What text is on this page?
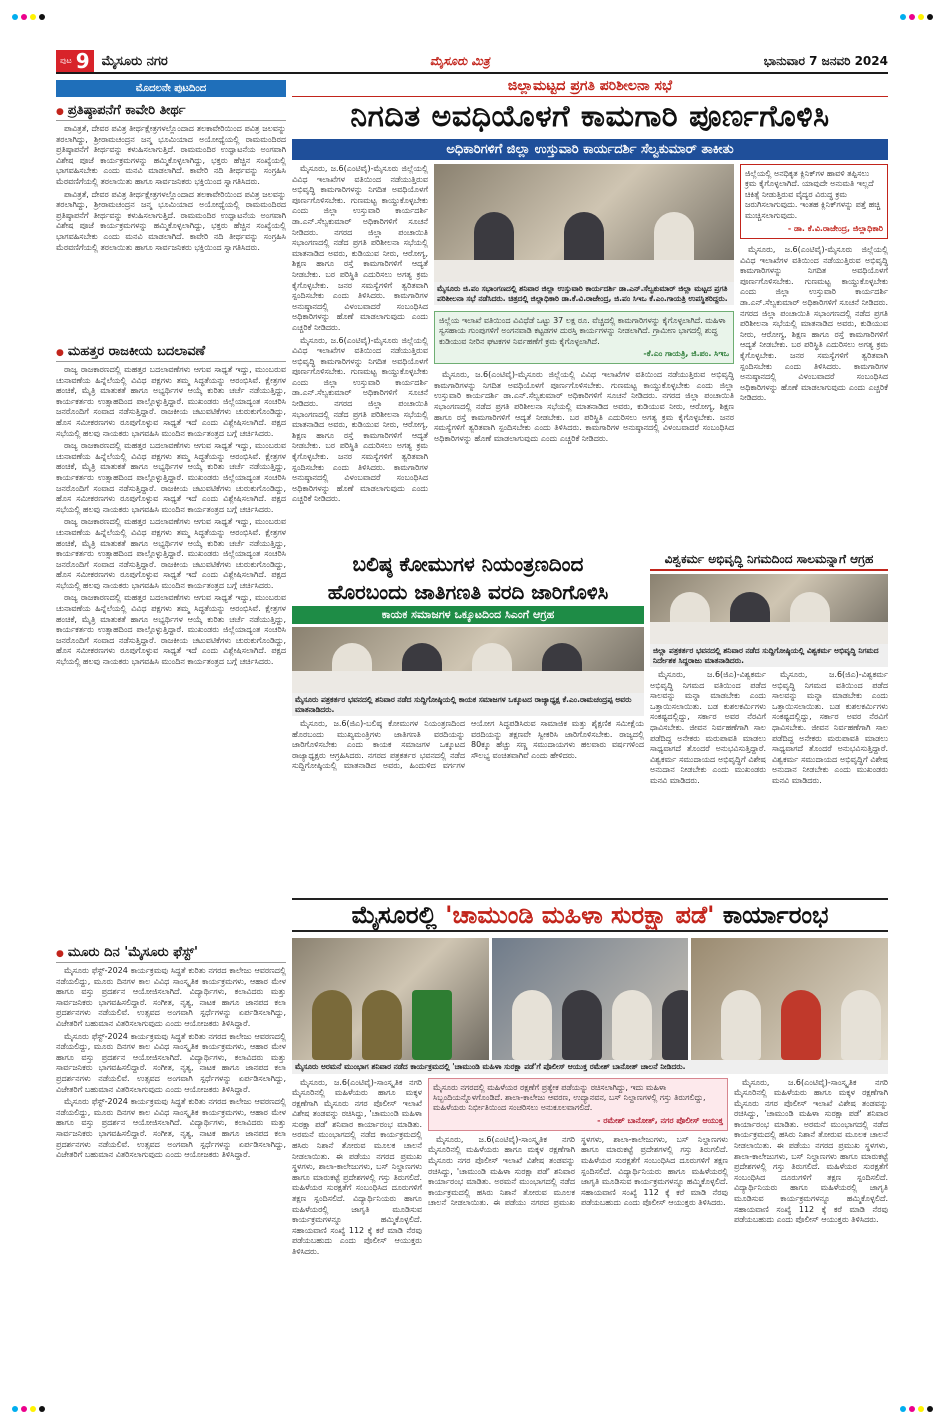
ಪುಟ 9 ಮೈಸೂರು ನಗರ	ಮೈಸೂರು ಮಿತ್ರ	ಭಾನುವಾರ 7 ಜನವರಿ 2024
ಮೊದಲನೇ ಪುಟದಿಂದ
● ಪ್ರತಿಷ್ಠಾಪನೆಗೆ ಕಾವೇರಿ ತೀರ್ಥ

ಪಾವಿತ್ರತೆ, ದೇವರ ಪವಿತ್ರ ತೀರ್ಥಕ್ಷೇತ್ರಗಳಲ್ಲೊಂದಾದ ತಲಕಾವೇರಿಯಿಂದ ಪವಿತ್ರ ಜಲವನ್ನು ತರಲಾಗಿದ್ದು, ಶ್ರೀರಾಮಚಂದ್ರನ ಜನ್ಮ ಭೂಮಿಯಾದ ಅಯೋಧ್ಯೆಯಲ್ಲಿ ರಾಮಮಂದಿರದ ಪ್ರತಿಷ್ಠಾಪನೆಗೆ ತೀರ್ಥವನ್ನು ಕಳುಹಿಸಲಾಗುತ್ತಿದೆ. ರಾಮಮಂದಿರ ಉದ್ಘಾಟನೆಯ ಅಂಗವಾಗಿ ವಿಶೇಷ ಪೂಜೆ ಕಾರ್ಯಕ್ರಮಗಳನ್ನು ಹಮ್ಮಿಕೊಳ್ಳಲಾಗಿದ್ದು, ಭಕ್ತರು ಹೆಚ್ಚಿನ ಸಂಖ್ಯೆಯಲ್ಲಿ ಭಾಗವಹಿಸಬೇಕು ಎಂದು ಮನವಿ ಮಾಡಲಾಗಿದೆ. ಕಾವೇರಿ ನದಿ ತೀರ್ಥವನ್ನು ಸಂಗ್ರಹಿಸಿ ಮೆರವಣಿಗೆಯಲ್ಲಿ ತರಲಾಯಿತು ಹಾಗೂ ಸಾರ್ವಜನಿಕರು ಭಕ್ತಿಯಿಂದ ಸ್ವಾಗತಿಸಿದರು.

ಪಾವಿತ್ರತೆ, ದೇವರ ಪವಿತ್ರ ತೀರ್ಥಕ್ಷೇತ್ರಗಳಲ್ಲೊಂದಾದ ತಲಕಾವೇರಿಯಿಂದ ಪವಿತ್ರ ಜಲವನ್ನು ತರಲಾಗಿದ್ದು, ಶ್ರೀರಾಮಚಂದ್ರನ ಜನ್ಮ ಭೂಮಿಯಾದ ಅಯೋಧ್ಯೆಯಲ್ಲಿ ರಾಮಮಂದಿರದ ಪ್ರತಿಷ್ಠಾಪನೆಗೆ ತೀರ್ಥವನ್ನು ಕಳುಹಿಸಲಾಗುತ್ತಿದೆ. ರಾಮಮಂದಿರ ಉದ್ಘಾಟನೆಯ ಅಂಗವಾಗಿ ವಿಶೇಷ ಪೂಜೆ ಕಾರ್ಯಕ್ರಮಗಳನ್ನು ಹಮ್ಮಿಕೊಳ್ಳಲಾಗಿದ್ದು, ಭಕ್ತರು ಹೆಚ್ಚಿನ ಸಂಖ್ಯೆಯಲ್ಲಿ ಭಾಗವಹಿಸಬೇಕು ಎಂದು ಮನವಿ ಮಾಡಲಾಗಿದೆ. ಕಾವೇರಿ ನದಿ ತೀರ್ಥವನ್ನು ಸಂಗ್ರಹಿಸಿ ಮೆರವಣಿಗೆಯಲ್ಲಿ ತರಲಾಯಿತು ಹಾಗೂ ಸಾರ್ವಜನಿಕರು ಭಕ್ತಿಯಿಂದ ಸ್ವಾಗತಿಸಿದರು.

● ಮಹತ್ತರ ರಾಜಕೀಯ ಬದಲಾವಣೆ

ರಾಜ್ಯ ರಾಜಕಾರಣದಲ್ಲಿ ಮಹತ್ತರ ಬದಲಾವಣೆಗಳು ಆಗುವ ಸಾಧ್ಯತೆ ಇದ್ದು, ಮುಂಬರುವ ಚುನಾವಣೆಯ ಹಿನ್ನೆಲೆಯಲ್ಲಿ ವಿವಿಧ ಪಕ್ಷಗಳು ತಮ್ಮ ಸಿದ್ಧತೆಯನ್ನು ಆರಂಭಿಸಿವೆ. ಕ್ಷೇತ್ರಗಳ ಹಂಚಿಕೆ, ಮೈತ್ರಿ ಮಾತುಕತೆ ಹಾಗೂ ಅಭ್ಯರ್ಥಿಗಳ ಆಯ್ಕೆ ಕುರಿತು ಚರ್ಚೆ ನಡೆಯುತ್ತಿದ್ದು, ಕಾರ್ಯಕರ್ತರು ಉತ್ಸಾಹದಿಂದ ಪಾಲ್ಗೊಳ್ಳುತ್ತಿದ್ದಾರೆ. ಮುಖಂಡರು ಜಿಲ್ಲೆಯಾದ್ಯಂತ ಸಂಚರಿಸಿ ಜನರೊಂದಿಗೆ ಸಂವಾದ ನಡೆಸುತ್ತಿದ್ದಾರೆ. ರಾಜಕೀಯ ಚಟುವಟಿಕೆಗಳು ಚುರುಕುಗೊಂಡಿದ್ದು, ಹೊಸ ಸಮೀಕರಣಗಳು ರೂಪುಗೊಳ್ಳುವ ಸಾಧ್ಯತೆ ಇದೆ ಎಂದು ವಿಶ್ಲೇಷಿಸಲಾಗಿದೆ. ಪಕ್ಷದ ಸಭೆಯಲ್ಲಿ ಹಲವು ನಾಯಕರು ಭಾಗವಹಿಸಿ ಮುಂದಿನ ಕಾರ್ಯತಂತ್ರದ ಬಗ್ಗೆ ಚರ್ಚಿಸಿದರು.

ರಾಜ್ಯ ರಾಜಕಾರಣದಲ್ಲಿ ಮಹತ್ತರ ಬದಲಾವಣೆಗಳು ಆಗುವ ಸಾಧ್ಯತೆ ಇದ್ದು, ಮುಂಬರುವ ಚುನಾವಣೆಯ ಹಿನ್ನೆಲೆಯಲ್ಲಿ ವಿವಿಧ ಪಕ್ಷಗಳು ತಮ್ಮ ಸಿದ್ಧತೆಯನ್ನು ಆರಂಭಿಸಿವೆ. ಕ್ಷೇತ್ರಗಳ ಹಂಚಿಕೆ, ಮೈತ್ರಿ ಮಾತುಕತೆ ಹಾಗೂ ಅಭ್ಯರ್ಥಿಗಳ ಆಯ್ಕೆ ಕುರಿತು ಚರ್ಚೆ ನಡೆಯುತ್ತಿದ್ದು, ಕಾರ್ಯಕರ್ತರು ಉತ್ಸಾಹದಿಂದ ಪಾಲ್ಗೊಳ್ಳುತ್ತಿದ್ದಾರೆ. ಮುಖಂಡರು ಜಿಲ್ಲೆಯಾದ್ಯಂತ ಸಂಚರಿಸಿ ಜನರೊಂದಿಗೆ ಸಂವಾದ ನಡೆಸುತ್ತಿದ್ದಾರೆ. ರಾಜಕೀಯ ಚಟುವಟಿಕೆಗಳು ಚುರುಕುಗೊಂಡಿದ್ದು, ಹೊಸ ಸಮೀಕರಣಗಳು ರೂಪುಗೊಳ್ಳುವ ಸಾಧ್ಯತೆ ಇದೆ ಎಂದು ವಿಶ್ಲೇಷಿಸಲಾಗಿದೆ. ಪಕ್ಷದ ಸಭೆಯಲ್ಲಿ ಹಲವು ನಾಯಕರು ಭಾಗವಹಿಸಿ ಮುಂದಿನ ಕಾರ್ಯತಂತ್ರದ ಬಗ್ಗೆ ಚರ್ಚಿಸಿದರು.

ರಾಜ್ಯ ರಾಜಕಾರಣದಲ್ಲಿ ಮಹತ್ತರ ಬದಲಾವಣೆಗಳು ಆಗುವ ಸಾಧ್ಯತೆ ಇದ್ದು, ಮುಂಬರುವ ಚುನಾವಣೆಯ ಹಿನ್ನೆಲೆಯಲ್ಲಿ ವಿವಿಧ ಪಕ್ಷಗಳು ತಮ್ಮ ಸಿದ್ಧತೆಯನ್ನು ಆರಂಭಿಸಿವೆ. ಕ್ಷೇತ್ರಗಳ ಹಂಚಿಕೆ, ಮೈತ್ರಿ ಮಾತುಕತೆ ಹಾಗೂ ಅಭ್ಯರ್ಥಿಗಳ ಆಯ್ಕೆ ಕುರಿತು ಚರ್ಚೆ ನಡೆಯುತ್ತಿದ್ದು, ಕಾರ್ಯಕರ್ತರು ಉತ್ಸಾಹದಿಂದ ಪಾಲ್ಗೊಳ್ಳುತ್ತಿದ್ದಾರೆ. ಮುಖಂಡರು ಜಿಲ್ಲೆಯಾದ್ಯಂತ ಸಂಚರಿಸಿ ಜನರೊಂದಿಗೆ ಸಂವಾದ ನಡೆಸುತ್ತಿದ್ದಾರೆ. ರಾಜಕೀಯ ಚಟುವಟಿಕೆಗಳು ಚುರುಕುಗೊಂಡಿದ್ದು, ಹೊಸ ಸಮೀಕರಣಗಳು ರೂಪುಗೊಳ್ಳುವ ಸಾಧ್ಯತೆ ಇದೆ ಎಂದು ವಿಶ್ಲೇಷಿಸಲಾಗಿದೆ. ಪಕ್ಷದ ಸಭೆಯಲ್ಲಿ ಹಲವು ನಾಯಕರು ಭಾಗವಹಿಸಿ ಮುಂದಿನ ಕಾರ್ಯತಂತ್ರದ ಬಗ್ಗೆ ಚರ್ಚಿಸಿದರು.

ರಾಜ್ಯ ರಾಜಕಾರಣದಲ್ಲಿ ಮಹತ್ತರ ಬದಲಾವಣೆಗಳು ಆಗುವ ಸಾಧ್ಯತೆ ಇದ್ದು, ಮುಂಬರುವ ಚುನಾವಣೆಯ ಹಿನ್ನೆಲೆಯಲ್ಲಿ ವಿವಿಧ ಪಕ್ಷಗಳು ತಮ್ಮ ಸಿದ್ಧತೆಯನ್ನು ಆರಂಭಿಸಿವೆ. ಕ್ಷೇತ್ರಗಳ ಹಂಚಿಕೆ, ಮೈತ್ರಿ ಮಾತುಕತೆ ಹಾಗೂ ಅಭ್ಯರ್ಥಿಗಳ ಆಯ್ಕೆ ಕುರಿತು ಚರ್ಚೆ ನಡೆಯುತ್ತಿದ್ದು, ಕಾರ್ಯಕರ್ತರು ಉತ್ಸಾಹದಿಂದ ಪಾಲ್ಗೊಳ್ಳುತ್ತಿದ್ದಾರೆ. ಮುಖಂಡರು ಜಿಲ್ಲೆಯಾದ್ಯಂತ ಸಂಚರಿಸಿ ಜನರೊಂದಿಗೆ ಸಂವಾದ ನಡೆಸುತ್ತಿದ್ದಾರೆ. ರಾಜಕೀಯ ಚಟುವಟಿಕೆಗಳು ಚುರುಕುಗೊಂಡಿದ್ದು, ಹೊಸ ಸಮೀಕರಣಗಳು ರೂಪುಗೊಳ್ಳುವ ಸಾಧ್ಯತೆ ಇದೆ ಎಂದು ವಿಶ್ಲೇಷಿಸಲಾಗಿದೆ. ಪಕ್ಷದ ಸಭೆಯಲ್ಲಿ ಹಲವು ನಾಯಕರು ಭಾಗವಹಿಸಿ ಮುಂದಿನ ಕಾರ್ಯತಂತ್ರದ ಬಗ್ಗೆ ಚರ್ಚಿಸಿದರು.

● ಮೂರು ದಿನ 'ಮೈಸೂರು ಫೆಸ್ಟ್'

ಮೈಸೂರು ಫೆಸ್ಟ್-2024 ಕಾರ್ಯಕ್ರಮವು ಸಿದ್ಧತೆ ಕುರಿತು ನಗರದ ಕಾಲೇಜು ಆವರಣದಲ್ಲಿ ನಡೆಯಲಿದ್ದು, ಮೂರು ದಿನಗಳ ಕಾಲ ವಿವಿಧ ಸಾಂಸ್ಕೃತಿಕ ಕಾರ್ಯಕ್ರಮಗಳು, ಆಹಾರ ಮೇಳ ಹಾಗೂ ವಸ್ತು ಪ್ರದರ್ಶನ ಆಯೋಜಿಸಲಾಗಿದೆ. ವಿದ್ಯಾರ್ಥಿಗಳು, ಕಲಾವಿದರು ಮತ್ತು ಸಾರ್ವಜನಿಕರು ಭಾಗವಹಿಸಲಿದ್ದಾರೆ. ಸಂಗೀತ, ನೃತ್ಯ, ನಾಟಕ ಹಾಗೂ ಜಾನಪದ ಕಲಾ ಪ್ರದರ್ಶನಗಳು ನಡೆಯಲಿವೆ. ಉತ್ಸವದ ಅಂಗವಾಗಿ ಸ್ಪರ್ಧೆಗಳನ್ನು ಏರ್ಪಡಿಸಲಾಗಿದ್ದು, ವಿಜೇತರಿಗೆ ಬಹುಮಾನ ವಿತರಿಸಲಾಗುವುದು ಎಂದು ಆಯೋಜಕರು ತಿಳಿಸಿದ್ದಾರೆ.

ಮೈಸೂರು ಫೆಸ್ಟ್-2024 ಕಾರ್ಯಕ್ರಮವು ಸಿದ್ಧತೆ ಕುರಿತು ನಗರದ ಕಾಲೇಜು ಆವರಣದಲ್ಲಿ ನಡೆಯಲಿದ್ದು, ಮೂರು ದಿನಗಳ ಕಾಲ ವಿವಿಧ ಸಾಂಸ್ಕೃತಿಕ ಕಾರ್ಯಕ್ರಮಗಳು, ಆಹಾರ ಮೇಳ ಹಾಗೂ ವಸ್ತು ಪ್ರದರ್ಶನ ಆಯೋಜಿಸಲಾಗಿದೆ. ವಿದ್ಯಾರ್ಥಿಗಳು, ಕಲಾವಿದರು ಮತ್ತು ಸಾರ್ವಜನಿಕರು ಭಾಗವಹಿಸಲಿದ್ದಾರೆ. ಸಂಗೀತ, ನೃತ್ಯ, ನಾಟಕ ಹಾಗೂ ಜಾನಪದ ಕಲಾ ಪ್ರದರ್ಶನಗಳು ನಡೆಯಲಿವೆ. ಉತ್ಸವದ ಅಂಗವಾಗಿ ಸ್ಪರ್ಧೆಗಳನ್ನು ಏರ್ಪಡಿಸಲಾಗಿದ್ದು, ವಿಜೇತರಿಗೆ ಬಹುಮಾನ ವಿತರಿಸಲಾಗುವುದು ಎಂದು ಆಯೋಜಕರು ತಿಳಿಸಿದ್ದಾರೆ.

ಮೈಸೂರು ಫೆಸ್ಟ್-2024 ಕಾರ್ಯಕ್ರಮವು ಸಿದ್ಧತೆ ಕುರಿತು ನಗರದ ಕಾಲೇಜು ಆವರಣದಲ್ಲಿ ನಡೆಯಲಿದ್ದು, ಮೂರು ದಿನಗಳ ಕಾಲ ವಿವಿಧ ಸಾಂಸ್ಕೃತಿಕ ಕಾರ್ಯಕ್ರಮಗಳು, ಆಹಾರ ಮೇಳ ಹಾಗೂ ವಸ್ತು ಪ್ರದರ್ಶನ ಆಯೋಜಿಸಲಾಗಿದೆ. ವಿದ್ಯಾರ್ಥಿಗಳು, ಕಲಾವಿದರು ಮತ್ತು ಸಾರ್ವಜನಿಕರು ಭಾಗವಹಿಸಲಿದ್ದಾರೆ. ಸಂಗೀತ, ನೃತ್ಯ, ನಾಟಕ ಹಾಗೂ ಜಾನಪದ ಕಲಾ ಪ್ರದರ್ಶನಗಳು ನಡೆಯಲಿವೆ. ಉತ್ಸವದ ಅಂಗವಾಗಿ ಸ್ಪರ್ಧೆಗಳನ್ನು ಏರ್ಪಡಿಸಲಾಗಿದ್ದು, ವಿಜೇತರಿಗೆ ಬಹುಮಾನ ವಿತರಿಸಲಾಗುವುದು ಎಂದು ಆಯೋಜಕರು ತಿಳಿಸಿದ್ದಾರೆ.

ಜಿಲ್ಲಾಮಟ್ಟದ ಪ್ರಗತಿ ಪರಿಶೀಲನಾ ಸಭೆ
ನಿಗದಿತ ಅವಧಿಯೊಳಗೆ ಕಾಮಗಾರಿ ಪೂರ್ಣಗೊಳಿಸಿ
ಅಧಿಕಾರಿಗಳಿಗೆ ಜಿಲ್ಲಾ ಉಸ್ತುವಾರಿ ಕಾರ್ಯದರ್ಶಿ ಸೆಲ್ವಕುಮಾರ್ ತಾಕೀತು

ಮೈಸೂರು, ಜ.6(ಎಂಟಿವೈ)-ಮೈಸೂರು ಜಿಲ್ಲೆಯಲ್ಲಿ ವಿವಿಧ ಇಲಾಖೆಗಳ ವತಿಯಿಂದ ನಡೆಯುತ್ತಿರುವ ಅಭಿವೃದ್ಧಿ ಕಾಮಗಾರಿಗಳನ್ನು ನಿಗದಿತ ಅವಧಿಯೊಳಗೆ ಪೂರ್ಣಗೊಳಿಸಬೇಕು. ಗುಣಮಟ್ಟ ಕಾಯ್ದುಕೊಳ್ಳಬೇಕು ಎಂದು ಜಿಲ್ಲಾ ಉಸ್ತುವಾರಿ ಕಾರ್ಯದರ್ಶಿ ಡಾ.ಎನ್.ಸೆಲ್ವಕುಮಾರ್ ಅಧಿಕಾರಿಗಳಿಗೆ ಸೂಚನೆ ನೀಡಿದರು. ನಗರದ ಜಿಲ್ಲಾ ಪಂಚಾಯಿತಿ ಸಭಾಂಗಣದಲ್ಲಿ ನಡೆದ ಪ್ರಗತಿ ಪರಿಶೀಲನಾ ಸಭೆಯಲ್ಲಿ ಮಾತನಾಡಿದ ಅವರು, ಕುಡಿಯುವ ನೀರು, ಆರೋಗ್ಯ, ಶಿಕ್ಷಣ ಹಾಗೂ ರಸ್ತೆ ಕಾಮಗಾರಿಗಳಿಗೆ ಆದ್ಯತೆ ನೀಡಬೇಕು. ಬರ ಪರಿಸ್ಥಿತಿ ಎದುರಿಸಲು ಅಗತ್ಯ ಕ್ರಮ ಕೈಗೊಳ್ಳಬೇಕು. ಜನರ ಸಮಸ್ಯೆಗಳಿಗೆ ತ್ವರಿತವಾಗಿ ಸ್ಪಂದಿಸಬೇಕು ಎಂದು ತಿಳಿಸಿದರು. ಕಾಮಗಾರಿಗಳ ಅನುಷ್ಠಾನದಲ್ಲಿ ವಿಳಂಬವಾದರೆ ಸಂಬಂಧಿಸಿದ ಅಧಿಕಾರಿಗಳನ್ನು ಹೊಣೆ ಮಾಡಲಾಗುವುದು ಎಂದು ಎಚ್ಚರಿಕೆ ನೀಡಿದರು.

ಮೈಸೂರು, ಜ.6(ಎಂಟಿವೈ)-ಮೈಸೂರು ಜಿಲ್ಲೆಯಲ್ಲಿ ವಿವಿಧ ಇಲಾಖೆಗಳ ವತಿಯಿಂದ ನಡೆಯುತ್ತಿರುವ ಅಭಿವೃದ್ಧಿ ಕಾಮಗಾರಿಗಳನ್ನು ನಿಗದಿತ ಅವಧಿಯೊಳಗೆ ಪೂರ್ಣಗೊಳಿಸಬೇಕು. ಗುಣಮಟ್ಟ ಕಾಯ್ದುಕೊಳ್ಳಬೇಕು ಎಂದು ಜಿಲ್ಲಾ ಉಸ್ತುವಾರಿ ಕಾರ್ಯದರ್ಶಿ ಡಾ.ಎನ್.ಸೆಲ್ವಕುಮಾರ್ ಅಧಿಕಾರಿಗಳಿಗೆ ಸೂಚನೆ ನೀಡಿದರು. ನಗರದ ಜಿಲ್ಲಾ ಪಂಚಾಯಿತಿ ಸಭಾಂಗಣದಲ್ಲಿ ನಡೆದ ಪ್ರಗತಿ ಪರಿಶೀಲನಾ ಸಭೆಯಲ್ಲಿ ಮಾತನಾಡಿದ ಅವರು, ಕುಡಿಯುವ ನೀರು, ಆರೋಗ್ಯ, ಶಿಕ್ಷಣ ಹಾಗೂ ರಸ್ತೆ ಕಾಮಗಾರಿಗಳಿಗೆ ಆದ್ಯತೆ ನೀಡಬೇಕು. ಬರ ಪರಿಸ್ಥಿತಿ ಎದುರಿಸಲು ಅಗತ್ಯ ಕ್ರಮ ಕೈಗೊಳ್ಳಬೇಕು. ಜನರ ಸಮಸ್ಯೆಗಳಿಗೆ ತ್ವರಿತವಾಗಿ ಸ್ಪಂದಿಸಬೇಕು ಎಂದು ತಿಳಿಸಿದರು. ಕಾಮಗಾರಿಗಳ ಅನುಷ್ಠಾನದಲ್ಲಿ ವಿಳಂಬವಾದರೆ ಸಂಬಂಧಿಸಿದ ಅಧಿಕಾರಿಗಳನ್ನು ಹೊಣೆ ಮಾಡಲಾಗುವುದು ಎಂದು ಎಚ್ಚರಿಕೆ ನೀಡಿದರು.

ಮೈಸೂರು ಜಿ.ಪಂ ಸಭಾಂಗಣದಲ್ಲಿ ಶನಿವಾರ ಜಿಲ್ಲಾ ಉಸ್ತುವಾರಿ ಕಾರ್ಯದರ್ಶಿ ಡಾ.ಎನ್.ಸೆಲ್ವಕುಮಾರ್ ಜಿಲ್ಲಾ ಮಟ್ಟದ ಪ್ರಗತಿ ಪರಿಶೀಲನಾ ಸಭೆ ನಡೆಸಿದರು. ಚಿತ್ರದಲ್ಲಿ ಜಿಲ್ಲಾಧಿಕಾರಿ ಡಾ.ಕೆ.ವಿ.ರಾಜೇಂದ್ರ, ಜಿ.ಪಂ ಸಿಇಒ ಕೆ.ಎಂ.ಗಾಯತ್ರಿ ಉಪಸ್ಥಿತರಿದ್ದರು.
ಜಿಲ್ಲೆಯ ಇಲಾಖೆ ವತಿಯಿಂದ ವಿವಿಧೆಡೆ ಒಟ್ಟು 37 ಲಕ್ಷ ರೂ. ವೆಚ್ಚದಲ್ಲಿ ಕಾಮಗಾರಿಗಳನ್ನು ಕೈಗೊಳ್ಳಲಾಗಿದೆ. ಮಹಿಳಾ ಸ್ವಸಹಾಯ ಗುಂಪುಗಳಿಗೆ ಅಂಗನವಾಡಿ ಕಟ್ಟಡಗಳ ದುರಸ್ತಿ ಕಾರ್ಯಗಳನ್ನು ನೀಡಲಾಗಿದೆ. ಗ್ರಾಮೀಣ ಭಾಗದಲ್ಲಿ ಶುದ್ಧ ಕುಡಿಯುವ ನೀರಿನ ಘಟಕಗಳ ನಿರ್ವಹಣೆಗೆ ಕ್ರಮ ಕೈಗೊಳ್ಳಲಾಗಿದೆ.
-ಕೆ.ಎಂ ಗಾಯತ್ರಿ, ಜಿ.ಪಂ. ಸಿಇಒ

ಮೈಸೂರು, ಜ.6(ಎಂಟಿವೈ)-ಮೈಸೂರು ಜಿಲ್ಲೆಯಲ್ಲಿ ವಿವಿಧ ಇಲಾಖೆಗಳ ವತಿಯಿಂದ ನಡೆಯುತ್ತಿರುವ ಅಭಿವೃದ್ಧಿ ಕಾಮಗಾರಿಗಳನ್ನು ನಿಗದಿತ ಅವಧಿಯೊಳಗೆ ಪೂರ್ಣಗೊಳಿಸಬೇಕು. ಗುಣಮಟ್ಟ ಕಾಯ್ದುಕೊಳ್ಳಬೇಕು ಎಂದು ಜಿಲ್ಲಾ ಉಸ್ತುವಾರಿ ಕಾರ್ಯದರ್ಶಿ ಡಾ.ಎನ್.ಸೆಲ್ವಕುಮಾರ್ ಅಧಿಕಾರಿಗಳಿಗೆ ಸೂಚನೆ ನೀಡಿದರು. ನಗರದ ಜಿಲ್ಲಾ ಪಂಚಾಯಿತಿ ಸಭಾಂಗಣದಲ್ಲಿ ನಡೆದ ಪ್ರಗತಿ ಪರಿಶೀಲನಾ ಸಭೆಯಲ್ಲಿ ಮಾತನಾಡಿದ ಅವರು, ಕುಡಿಯುವ ನೀರು, ಆರೋಗ್ಯ, ಶಿಕ್ಷಣ ಹಾಗೂ ರಸ್ತೆ ಕಾಮಗಾರಿಗಳಿಗೆ ಆದ್ಯತೆ ನೀಡಬೇಕು. ಬರ ಪರಿಸ್ಥಿತಿ ಎದುರಿಸಲು ಅಗತ್ಯ ಕ್ರಮ ಕೈಗೊಳ್ಳಬೇಕು. ಜನರ ಸಮಸ್ಯೆಗಳಿಗೆ ತ್ವರಿತವಾಗಿ ಸ್ಪಂದಿಸಬೇಕು ಎಂದು ತಿಳಿಸಿದರು. ಕಾಮಗಾರಿಗಳ ಅನುಷ್ಠಾನದಲ್ಲಿ ವಿಳಂಬವಾದರೆ ಸಂಬಂಧಿಸಿದ ಅಧಿಕಾರಿಗಳನ್ನು ಹೊಣೆ ಮಾಡಲಾಗುವುದು ಎಂದು ಎಚ್ಚರಿಕೆ ನೀಡಿದರು.

ಜಿಲ್ಲೆಯಲ್ಲಿ ಅನಧಿಕೃತ ಕ್ಲಿನಿಕ್‌ಗಳ ಹಾವಳಿ ತಪ್ಪಿಸಲು ಕ್ರಮ ಕೈಗೊಳ್ಳಲಾಗಿದೆ. ಯಾವುದೇ ಅನುಮತಿ ಇಲ್ಲದೆ ಚಿಕಿತ್ಸೆ ನೀಡುತ್ತಿರುವ ವೈದ್ಯರ ವಿರುದ್ಧ ಕ್ರಮ ಜರುಗಿಸಲಾಗುವುದು. ಇಂತಹ ಕ್ಲಿನಿಕ್‌ಗಳನ್ನು ಪತ್ತೆ ಹಚ್ಚಿ ಮುಚ್ಚಿಸಲಾಗುವುದು.
- ಡಾ. ಕೆ.ವಿ.ರಾಜೇಂದ್ರ, ಜಿಲ್ಲಾಧಿಕಾರಿ

ಮೈಸೂರು, ಜ.6(ಎಂಟಿವೈ)-ಮೈಸೂರು ಜಿಲ್ಲೆಯಲ್ಲಿ ವಿವಿಧ ಇಲಾಖೆಗಳ ವತಿಯಿಂದ ನಡೆಯುತ್ತಿರುವ ಅಭಿವೃದ್ಧಿ ಕಾಮಗಾರಿಗಳನ್ನು ನಿಗದಿತ ಅವಧಿಯೊಳಗೆ ಪೂರ್ಣಗೊಳಿಸಬೇಕು. ಗುಣಮಟ್ಟ ಕಾಯ್ದುಕೊಳ್ಳಬೇಕು ಎಂದು ಜಿಲ್ಲಾ ಉಸ್ತುವಾರಿ ಕಾರ್ಯದರ್ಶಿ ಡಾ.ಎನ್.ಸೆಲ್ವಕುಮಾರ್ ಅಧಿಕಾರಿಗಳಿಗೆ ಸೂಚನೆ ನೀಡಿದರು. ನಗರದ ಜಿಲ್ಲಾ ಪಂಚಾಯಿತಿ ಸಭಾಂಗಣದಲ್ಲಿ ನಡೆದ ಪ್ರಗತಿ ಪರಿಶೀಲನಾ ಸಭೆಯಲ್ಲಿ ಮಾತನಾಡಿದ ಅವರು, ಕುಡಿಯುವ ನೀರು, ಆರೋಗ್ಯ, ಶಿಕ್ಷಣ ಹಾಗೂ ರಸ್ತೆ ಕಾಮಗಾರಿಗಳಿಗೆ ಆದ್ಯತೆ ನೀಡಬೇಕು. ಬರ ಪರಿಸ್ಥಿತಿ ಎದುರಿಸಲು ಅಗತ್ಯ ಕ್ರಮ ಕೈಗೊಳ್ಳಬೇಕು. ಜನರ ಸಮಸ್ಯೆಗಳಿಗೆ ತ್ವರಿತವಾಗಿ ಸ್ಪಂದಿಸಬೇಕು ಎಂದು ತಿಳಿಸಿದರು. ಕಾಮಗಾರಿಗಳ ಅನುಷ್ಠಾನದಲ್ಲಿ ವಿಳಂಬವಾದರೆ ಸಂಬಂಧಿಸಿದ ಅಧಿಕಾರಿಗಳನ್ನು ಹೊಣೆ ಮಾಡಲಾಗುವುದು ಎಂದು ಎಚ್ಚರಿಕೆ ನೀಡಿದರು.

ಬಲಿಷ್ಠ ಕೋಮುಗಳ ನಿಯಂತ್ರಣದಿಂದ
ಹೊರಬಂದು ಜಾತಿಗಣತಿ ವರದಿ ಜಾರಿಗೊಳಿಸಿ
ಕಾಯಕ ಸಮಾಜಗಳ ಒಕ್ಕೂಟದಿಂದ ಸಿಎಂಗೆ ಆಗ್ರಹ
ಮೈಸೂರು ಪತ್ರಕರ್ತರ ಭವನದಲ್ಲಿ ಶನಿವಾರ ನಡೆದ ಸುದ್ದಿಗೋಷ್ಠಿಯಲ್ಲಿ ಕಾಯಕ ಸಮಾಜಗಳ ಒಕ್ಕೂಟದ ರಾಜ್ಯಾಧ್ಯಕ್ಷ ಕೆ.ಎಂ.ರಾಮಚಂದ್ರಪ್ಪ ಅವರು ಮಾತನಾಡಿದರು.

ಮೈಸೂರು, ಜ.6(ಜಿಎ)-ಬಲಿಷ್ಠ ಕೋಮುಗಳ ನಿಯಂತ್ರಣದಿಂದ ಹೊರಬಂದು ಮುಖ್ಯಮಂತ್ರಿಗಳು ಜಾತಿಗಣತಿ ವರದಿಯನ್ನು ಜಾರಿಗೊಳಿಸಬೇಕು ಎಂದು ಕಾಯಕ ಸಮಾಜಗಳ ಒಕ್ಕೂಟದ ರಾಜ್ಯಾಧ್ಯಕ್ಷರು ಆಗ್ರಹಿಸಿದರು. ನಗರದ ಪತ್ರಕರ್ತರ ಭವನದಲ್ಲಿ ನಡೆದ ಸುದ್ದಿಗೋಷ್ಠಿಯಲ್ಲಿ ಮಾತನಾಡಿದ ಅವರು, ಹಿಂದುಳಿದ ವರ್ಗಗಳ ಆಯೋಗ ಸಿದ್ಧಪಡಿಸಿರುವ ಸಾಮಾಜಿಕ ಮತ್ತು ಶೈಕ್ಷಣಿಕ ಸಮೀಕ್ಷೆಯ ವರದಿಯನ್ನು ತಕ್ಷಣವೇ ಸ್ವೀಕರಿಸಿ ಜಾರಿಗೊಳಿಸಬೇಕು. ರಾಜ್ಯದಲ್ಲಿ 80ಕ್ಕೂ ಹೆಚ್ಚು ಸಣ್ಣ ಸಮುದಾಯಗಳು ಹಲವಾರು ವರ್ಷಗಳಿಂದ ಸೌಲಭ್ಯ ವಂಚಿತವಾಗಿವೆ ಎಂದು ಹೇಳಿದರು.

ವಿಶ್ವಕರ್ಮ ಅಭಿವೃದ್ಧಿ ನಿಗಮದಿಂದ ಸಾಲಮನ್ನಾಗೆ ಆಗ್ರಹ
ಜಿಲ್ಲಾ ಪತ್ರಕರ್ತರ ಭವನದಲ್ಲಿ ಶನಿವಾರ ನಡೆದ ಸುದ್ದಿಗೋಷ್ಠಿಯಲ್ಲಿ ವಿಶ್ವಕರ್ಮ ಅಭಿವೃದ್ಧಿ ನಿಗಮದ ನಿರ್ದೇಶಕ ಸಿದ್ದರಾಜು ಮಾತನಾಡಿದರು.

ಮೈಸೂರು, ಜ.6(ಜಿಎ)-ವಿಶ್ವಕರ್ಮ ಅಭಿವೃದ್ಧಿ ನಿಗಮದ ವತಿಯಿಂದ ಪಡೆದ ಸಾಲವನ್ನು ಮನ್ನಾ ಮಾಡಬೇಕು ಎಂದು ಒತ್ತಾಯಿಸಲಾಯಿತು. ಬಡ ಕುಶಲಕರ್ಮಿಗಳು ಸಂಕಷ್ಟದಲ್ಲಿದ್ದು, ಸರ್ಕಾರ ಅವರ ನೆರವಿಗೆ ಧಾವಿಸಬೇಕು. ಜೀವನ ನಿರ್ವಹಣೆಗಾಗಿ ಸಾಲ ಪಡೆದಿದ್ದ ಅನೇಕರು ಮರುಪಾವತಿ ಮಾಡಲು ಸಾಧ್ಯವಾಗದೆ ತೊಂದರೆ ಅನುಭವಿಸುತ್ತಿದ್ದಾರೆ. ವಿಶ್ವಕರ್ಮ ಸಮುದಾಯದ ಅಭಿವೃದ್ಧಿಗೆ ವಿಶೇಷ ಅನುದಾನ ನೀಡಬೇಕು ಎಂದು ಮುಖಂಡರು ಮನವಿ ಮಾಡಿದರು.

ಮೈಸೂರು, ಜ.6(ಜಿಎ)-ವಿಶ್ವಕರ್ಮ ಅಭಿವೃದ್ಧಿ ನಿಗಮದ ವತಿಯಿಂದ ಪಡೆದ ಸಾಲವನ್ನು ಮನ್ನಾ ಮಾಡಬೇಕು ಎಂದು ಒತ್ತಾಯಿಸಲಾಯಿತು. ಬಡ ಕುಶಲಕರ್ಮಿಗಳು ಸಂಕಷ್ಟದಲ್ಲಿದ್ದು, ಸರ್ಕಾರ ಅವರ ನೆರವಿಗೆ ಧಾವಿಸಬೇಕು. ಜೀವನ ನಿರ್ವಹಣೆಗಾಗಿ ಸಾಲ ಪಡೆದಿದ್ದ ಅನೇಕರು ಮರುಪಾವತಿ ಮಾಡಲು ಸಾಧ್ಯವಾಗದೆ ತೊಂದರೆ ಅನುಭವಿಸುತ್ತಿದ್ದಾರೆ. ವಿಶ್ವಕರ್ಮ ಸಮುದಾಯದ ಅಭಿವೃದ್ಧಿಗೆ ವಿಶೇಷ ಅನುದಾನ ನೀಡಬೇಕು ಎಂದು ಮುಖಂಡರು ಮನವಿ ಮಾಡಿದರು.

ಮೈಸೂರಲ್ಲಿ 'ಚಾಮುಂಡಿ ಮಹಿಳಾ ಸುರಕ್ಷಾ ಪಡೆ' ಕಾರ್ಯಾರಂಭ
ಮೈಸೂರು ಅರಮನೆ ಮುಂಭಾಗ ಶನಿವಾರ ನಡೆದ ಕಾರ್ಯಕ್ರಮದಲ್ಲಿ 'ಚಾಮುಂಡಿ ಮಹಿಳಾ ಸುರಕ್ಷಾ ಪಡೆ'ಗೆ ಪೊಲೀಸ್ ಆಯುಕ್ತ ರಮೇಶ್ ಬಾನೋತ್ ಚಾಲನೆ ನೀಡಿದರು.

ಮೈಸೂರು, ಜ.6(ಎಂಟಿವೈ)-ಸಾಂಸ್ಕೃತಿಕ ನಗರಿ ಮೈಸೂರಿನಲ್ಲಿ ಮಹಿಳೆಯರು ಹಾಗೂ ಮಕ್ಕಳ ರಕ್ಷಣೆಗಾಗಿ ಮೈಸೂರು ನಗರ ಪೊಲೀಸ್ ಇಲಾಖೆ ವಿಶೇಷ ತಂಡವನ್ನು ರಚಿಸಿದ್ದು, 'ಚಾಮುಂಡಿ ಮಹಿಳಾ ಸುರಕ್ಷಾ ಪಡೆ' ಶನಿವಾರ ಕಾರ್ಯಾರಂಭ ಮಾಡಿತು. ಅರಮನೆ ಮುಂಭಾಗದಲ್ಲಿ ನಡೆದ ಕಾರ್ಯಕ್ರಮದಲ್ಲಿ ಹಸಿರು ನಿಶಾನೆ ತೋರುವ ಮೂಲಕ ಚಾಲನೆ ನೀಡಲಾಯಿತು. ಈ ಪಡೆಯು ನಗರದ ಪ್ರಮುಖ ಸ್ಥಳಗಳು, ಶಾಲಾ-ಕಾಲೇಜುಗಳು, ಬಸ್ ನಿಲ್ದಾಣಗಳು ಹಾಗೂ ಮಾರುಕಟ್ಟೆ ಪ್ರದೇಶಗಳಲ್ಲಿ ಗಸ್ತು ತಿರುಗಲಿದೆ. ಮಹಿಳೆಯರ ಸುರಕ್ಷತೆಗೆ ಸಂಬಂಧಿಸಿದ ದೂರುಗಳಿಗೆ ತಕ್ಷಣ ಸ್ಪಂದಿಸಲಿದೆ. ವಿದ್ಯಾರ್ಥಿನಿಯರು ಹಾಗೂ ಮಹಿಳೆಯರಲ್ಲಿ ಜಾಗೃತಿ ಮೂಡಿಸುವ ಕಾರ್ಯಕ್ರಮಗಳನ್ನೂ ಹಮ್ಮಿಕೊಳ್ಳಲಿದೆ. ಸಹಾಯವಾಣಿ ಸಂಖ್ಯೆ 112 ಕ್ಕೆ ಕರೆ ಮಾಡಿ ನೆರವು ಪಡೆಯಬಹುದು ಎಂದು ಪೊಲೀಸ್ ಆಯುಕ್ತರು ತಿಳಿಸಿದರು.

ಮೈಸೂರು ನಗರದಲ್ಲಿ ಮಹಿಳೆಯರ ರಕ್ಷಣೆಗೆ ಪ್ರತ್ಯೇಕ ಪಡೆಯನ್ನು ರಚಿಸಲಾಗಿದ್ದು, ಇದು ಮಹಿಳಾ ಸಿಬ್ಬಂದಿಯನ್ನೊಳಗೊಂಡಿದೆ. ಶಾಲಾ-ಕಾಲೇಜು ಆವರಣ, ಉದ್ಯಾನವನ, ಬಸ್ ನಿಲ್ದಾಣಗಳಲ್ಲಿ ಗಸ್ತು ತಿರುಗಲಿದ್ದು, ಮಹಿಳೆಯರು ನಿರ್ಭೀತಿಯಿಂದ ಸಂಚರಿಸಲು ಅನುಕೂಲವಾಗಲಿದೆ.
- ರಮೇಶ್ ಬಾನೋತ್, ನಗರ ಪೊಲೀಸ್ ಆಯುಕ್ತ

ಮೈಸೂರು, ಜ.6(ಎಂಟಿವೈ)-ಸಾಂಸ್ಕೃತಿಕ ನಗರಿ ಮೈಸೂರಿನಲ್ಲಿ ಮಹಿಳೆಯರು ಹಾಗೂ ಮಕ್ಕಳ ರಕ್ಷಣೆಗಾಗಿ ಮೈಸೂರು ನಗರ ಪೊಲೀಸ್ ಇಲಾಖೆ ವಿಶೇಷ ತಂಡವನ್ನು ರಚಿಸಿದ್ದು, 'ಚಾಮುಂಡಿ ಮಹಿಳಾ ಸುರಕ್ಷಾ ಪಡೆ' ಶನಿವಾರ ಕಾರ್ಯಾರಂಭ ಮಾಡಿತು. ಅರಮನೆ ಮುಂಭಾಗದಲ್ಲಿ ನಡೆದ ಕಾರ್ಯಕ್ರಮದಲ್ಲಿ ಹಸಿರು ನಿಶಾನೆ ತೋರುವ ಮೂಲಕ ಚಾಲನೆ ನೀಡಲಾಯಿತು. ಈ ಪಡೆಯು ನಗರದ ಪ್ರಮುಖ ಸ್ಥಳಗಳು, ಶಾಲಾ-ಕಾಲೇಜುಗಳು, ಬಸ್ ನಿಲ್ದಾಣಗಳು ಹಾಗೂ ಮಾರುಕಟ್ಟೆ ಪ್ರದೇಶಗಳಲ್ಲಿ ಗಸ್ತು ತಿರುಗಲಿದೆ. ಮಹಿಳೆಯರ ಸುರಕ್ಷತೆಗೆ ಸಂಬಂಧಿಸಿದ ದೂರುಗಳಿಗೆ ತಕ್ಷಣ ಸ್ಪಂದಿಸಲಿದೆ. ವಿದ್ಯಾರ್ಥಿನಿಯರು ಹಾಗೂ ಮಹಿಳೆಯರಲ್ಲಿ ಜಾಗೃತಿ ಮೂಡಿಸುವ ಕಾರ್ಯಕ್ರಮಗಳನ್ನೂ ಹಮ್ಮಿಕೊಳ್ಳಲಿದೆ. ಸಹಾಯವಾಣಿ ಸಂಖ್ಯೆ 112 ಕ್ಕೆ ಕರೆ ಮಾಡಿ ನೆರವು ಪಡೆಯಬಹುದು ಎಂದು ಪೊಲೀಸ್ ಆಯುಕ್ತರು ತಿಳಿಸಿದರು.

ಮೈಸೂರು, ಜ.6(ಎಂಟಿವೈ)-ಸಾಂಸ್ಕೃತಿಕ ನಗರಿ ಮೈಸೂರಿನಲ್ಲಿ ಮಹಿಳೆಯರು ಹಾಗೂ ಮಕ್ಕಳ ರಕ್ಷಣೆಗಾಗಿ ಮೈಸೂರು ನಗರ ಪೊಲೀಸ್ ಇಲಾಖೆ ವಿಶೇಷ ತಂಡವನ್ನು ರಚಿಸಿದ್ದು, 'ಚಾಮುಂಡಿ ಮಹಿಳಾ ಸುರಕ್ಷಾ ಪಡೆ' ಶನಿವಾರ ಕಾರ್ಯಾರಂಭ ಮಾಡಿತು. ಅರಮನೆ ಮುಂಭಾಗದಲ್ಲಿ ನಡೆದ ಕಾರ್ಯಕ್ರಮದಲ್ಲಿ ಹಸಿರು ನಿಶಾನೆ ತೋರುವ ಮೂಲಕ ಚಾಲನೆ ನೀಡಲಾಯಿತು. ಈ ಪಡೆಯು ನಗರದ ಪ್ರಮುಖ ಸ್ಥಳಗಳು, ಶಾಲಾ-ಕಾಲೇಜುಗಳು, ಬಸ್ ನಿಲ್ದಾಣಗಳು ಹಾಗೂ ಮಾರುಕಟ್ಟೆ ಪ್ರದೇಶಗಳಲ್ಲಿ ಗಸ್ತು ತಿರುಗಲಿದೆ. ಮಹಿಳೆಯರ ಸುರಕ್ಷತೆಗೆ ಸಂಬಂಧಿಸಿದ ದೂರುಗಳಿಗೆ ತಕ್ಷಣ ಸ್ಪಂದಿಸಲಿದೆ. ವಿದ್ಯಾರ್ಥಿನಿಯರು ಹಾಗೂ ಮಹಿಳೆಯರಲ್ಲಿ ಜಾಗೃತಿ ಮೂಡಿಸುವ ಕಾರ್ಯಕ್ರಮಗಳನ್ನೂ ಹಮ್ಮಿಕೊಳ್ಳಲಿದೆ. ಸಹಾಯವಾಣಿ ಸಂಖ್ಯೆ 112 ಕ್ಕೆ ಕರೆ ಮಾಡಿ ನೆರವು ಪಡೆಯಬಹುದು ಎಂದು ಪೊಲೀಸ್ ಆಯುಕ್ತರು ತಿಳಿಸಿದರು.
